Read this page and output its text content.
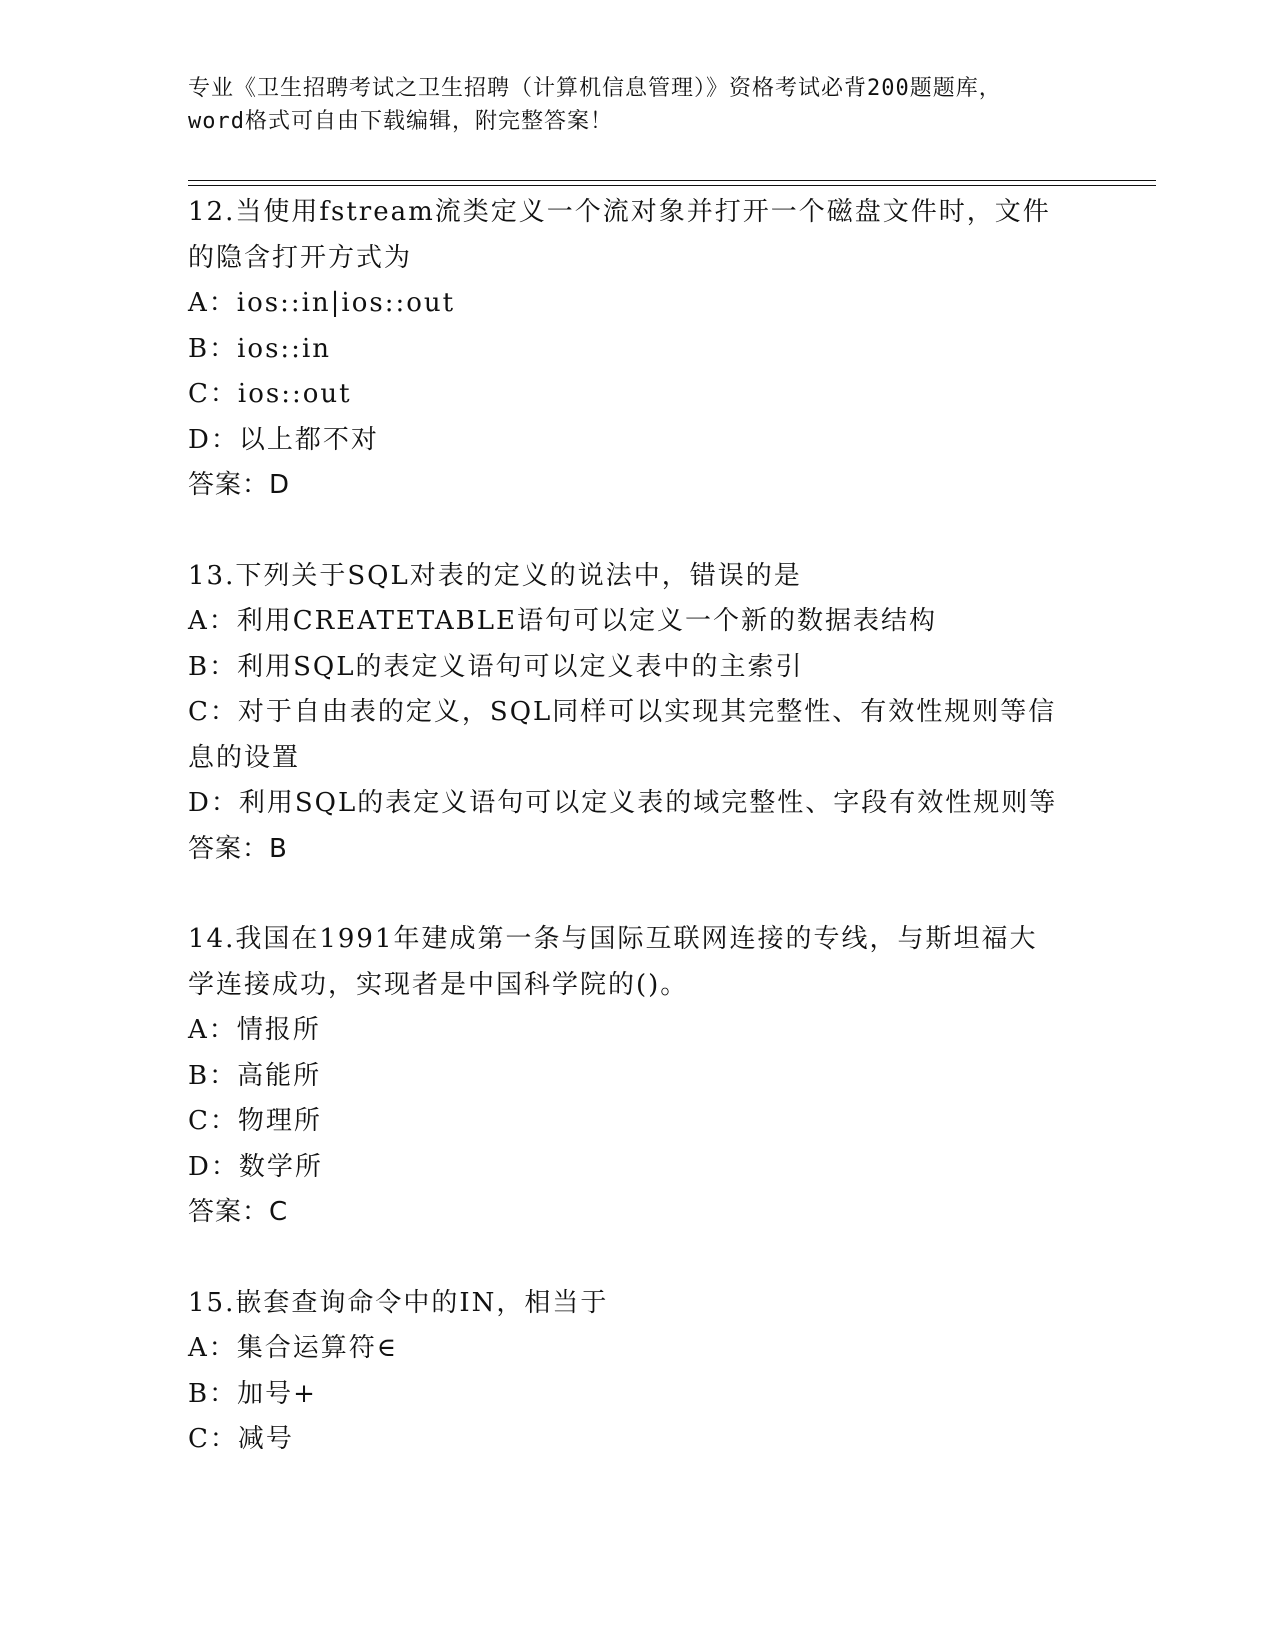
专业《卫生招聘考试之卫生招聘（计算机信息管理）》资格考试必背200题题库，
word格式可自由下载编辑，附完整答案！
12.当使用fstream流类定义一个流对象并打开一个磁盘文件时，文件
的隐含打开方式为
A：ios::in|ios::out
B：ios::in
C：ios::out
D：以上都不对
答案：D
13.下列关于SQL对表的定义的说法中，错误的是
A：利用CREATETABLE语句可以定义一个新的数据表结构
B：利用SQL的表定义语句可以定义表中的主索引
C：对于自由表的定义，SQL同样可以实现其完整性、有效性规则等信
息的设置
D：利用SQL的表定义语句可以定义表的域完整性、字段有效性规则等
答案：B
14.我国在1991年建成第一条与国际互联网连接的专线，与斯坦福大
学连接成功，实现者是中国科学院的()。
A：情报所
B：高能所
C：物理所
D：数学所
答案：C
15.嵌套查询命令中的IN，相当于
A：集合运算符∈
B：加号+
C：减号
